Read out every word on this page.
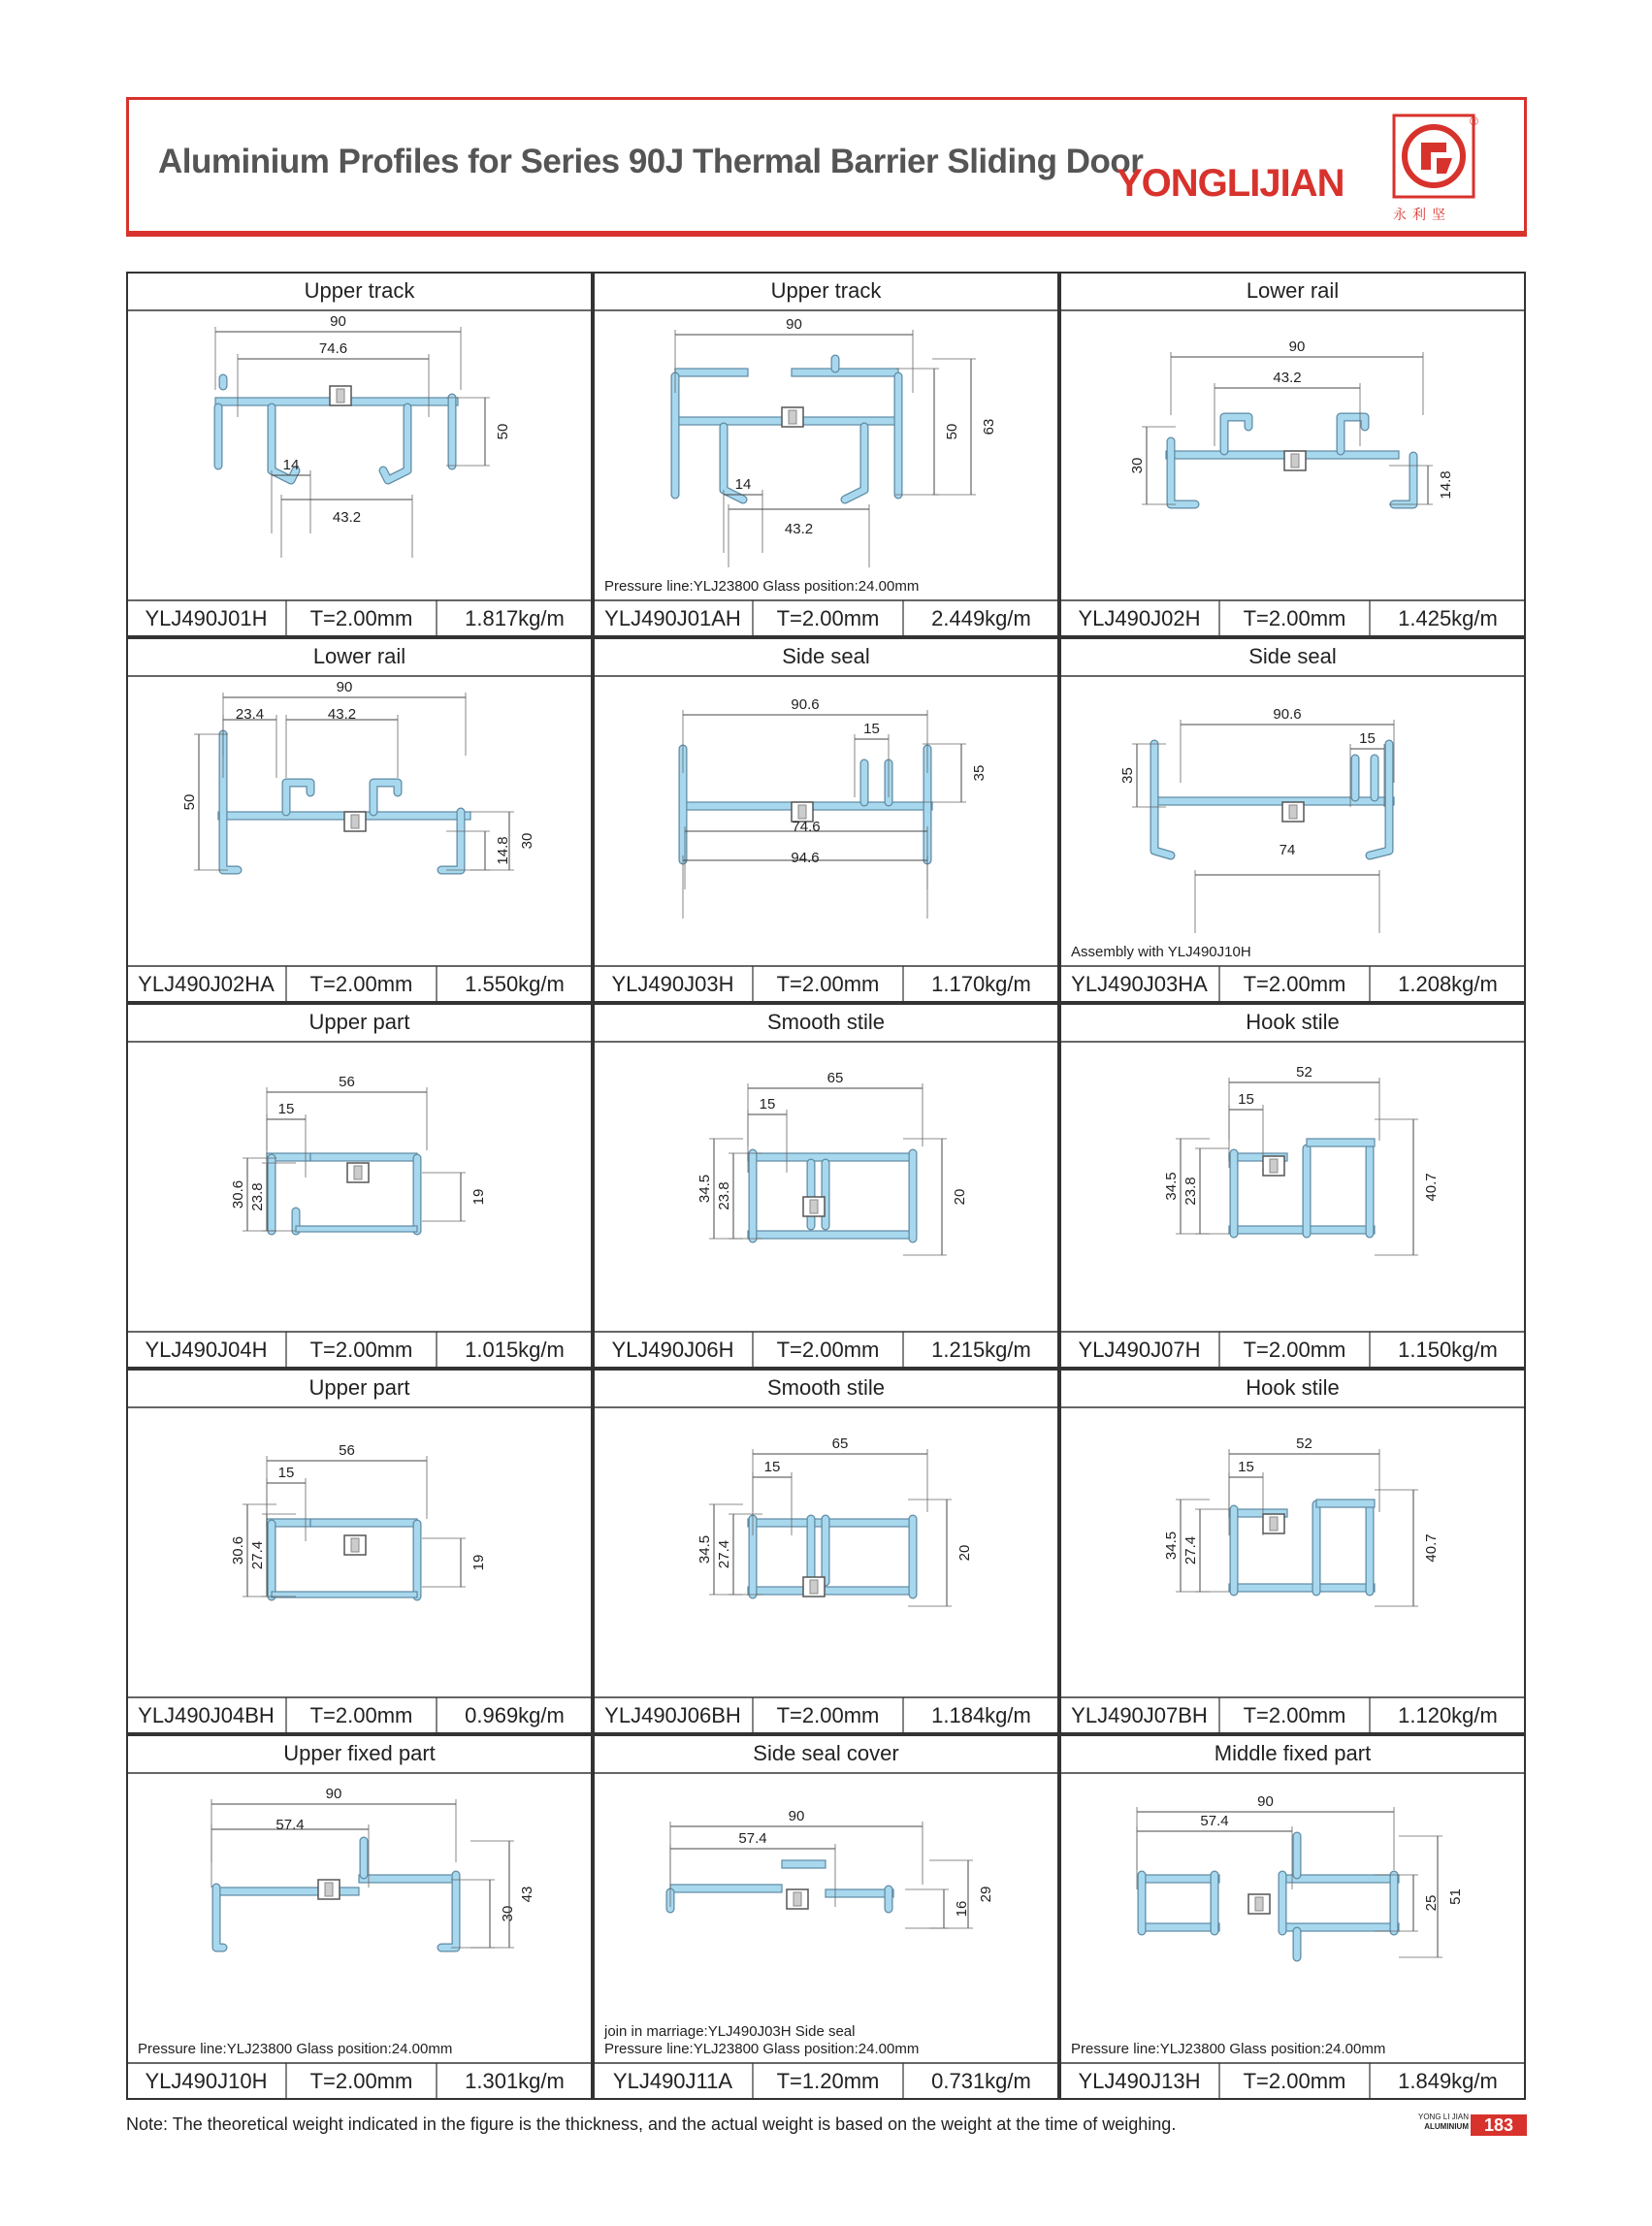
Aluminium Profiles for Series 90J Thermal Barrier Sliding Door
YONGLIJIAN
®
永利坚
90
74.6
14
43.2
50
Upper track
YLJ490J01H	T=2.00mm	1.817kg/m
90
14
43.2
50 63
Upper track
Pressure line:YLJ23800 Glass position:24.00mm
YLJ490J01AH	T=2.00mm	2.449kg/m
90
43.2
30
14.8
Lower rail
YLJ490J02H	T=2.00mm	1.425kg/m
90
23.4	43.2
50
14.8 30
Lower rail
YLJ490J02HA	T=2.00mm	1.550kg/m
90.6
15
74.6
94.6
35
Side seal
YLJ490J03H	T=2.00mm	1.170kg/m
90.6
15
74
35
Side seal
Assembly with YLJ490J10H
YLJ490J03HA	T=2.00mm	1.208kg/m
56
15
30.6 23.8	19
Upper part
YLJ490J04H	T=2.00mm	1.015kg/m
65
15
34.5 23.8	20
Smooth stile
YLJ490J06H	T=2.00mm	1.215kg/m
52
15
34.5 23.8	40.7
Hook stile
YLJ490J07H	T=2.00mm	1.150kg/m
56
15
30.6 27.4	19
Upper part
YLJ490J04BH	T=2.00mm	0.969kg/m
65
15
34.5 27.4	20
Smooth stile
YLJ490J06BH	T=2.00mm	1.184kg/m
52
15
34.5 27.4	40.7
Hook stile
YLJ490J07BH	T=2.00mm	1.120kg/m
90
57.4
30
43
Upper fixed part
Pressure line:YLJ23800 Glass position:24.00mm
YLJ490J10H	T=2.00mm	1.301kg/m
90
57.4
16
29
Side seal cover
join in marriage:YLJ490J03H Side seal
Pressure line:YLJ23800 Glass position:24.00mm
YLJ490J11A	T=1.20mm	0.731kg/m
90
57.4
25 51
Middle fixed part
Pressure line:YLJ23800 Glass position:24.00mm
YLJ490J13H	T=2.00mm	1.849kg/m
Note: The theoretical weight indicated in the figure is the thickness, and the actual weight is based on the weight at the time of weighing.	YONG LI JIAN
ALUMINIUM 183
